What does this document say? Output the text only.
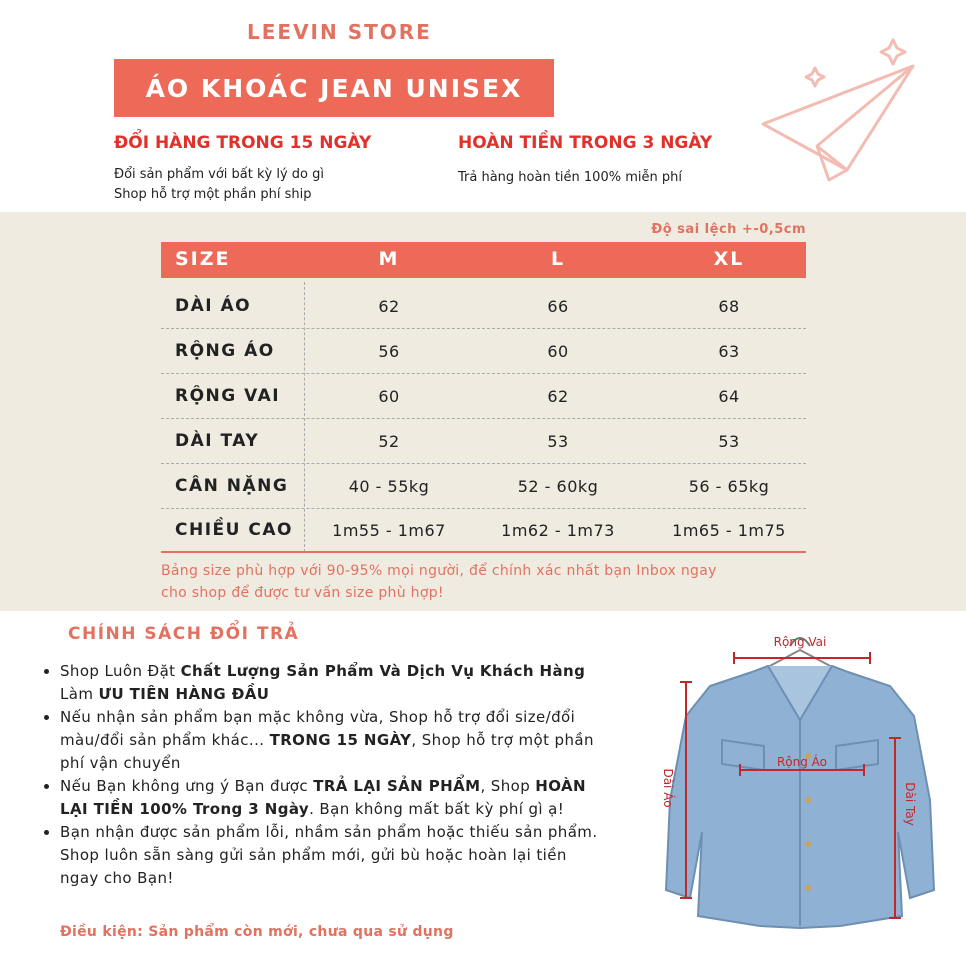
LEEVIN STORE
ÁO KHOÁC JEAN UNISEX
ĐỔI HÀNG TRONG 15 NGÀY
Đổi sản phẩm với bất kỳ lý do gì
Shop hỗ trợ một phần phí ship
HOÀN TIỀN TRONG 3 NGÀY
Trả hàng hoàn tiền 100% miễn phí
Độ sai lệch +-0,5cm
SIZE	M	L	XL
DÀI ÁO	62	66	68
RỘNG ÁO	56	60	63
RỘNG VAI	60	62	64
DÀI TAY	52	53	53
CÂN NẶNG	40 - 55kg	52 - 60kg	56 - 65kg
CHIỀU CAO	1m55 - 1m67	1m62 - 1m73	1m65 - 1m75
Bảng size phù hợp với 90-95% mọi người, để chính xác nhất bạn Inbox ngay
cho shop để được tư vấn size phù hợp!
CHÍNH SÁCH ĐỔI TRẢ
• Shop Luôn Đặt Chất Lượng Sản Phẩm Và Dịch Vụ Khách Hàng Làm ƯU TIÊN HÀNG ĐẦU
• Nếu nhận sản phẩm bạn mặc không vừa, Shop hỗ trợ đổi size/đổi màu/đổi sản phẩm khác... TRONG 15 NGÀY, Shop hỗ trợ một phần phí vận chuyển
• Nếu Bạn không ưng ý Bạn được TRẢ LẠI SẢN PHẨM, Shop HOÀN LẠI TIỀN 100% Trong 3 Ngày. Bạn không mất bất kỳ phí gì ạ!
• Bạn nhận được sản phẩm lỗi, nhầm sản phẩm hoặc thiếu sản phẩm. Shop luôn sẵn sàng gửi sản phẩm mới, gửi bù hoặc hoàn lại tiền ngay cho Bạn!
Điều kiện: Sản phẩm còn mới, chưa qua sử dụng
Rộng Vai
Rộng Áo
Dài Áo	Dài Tay
